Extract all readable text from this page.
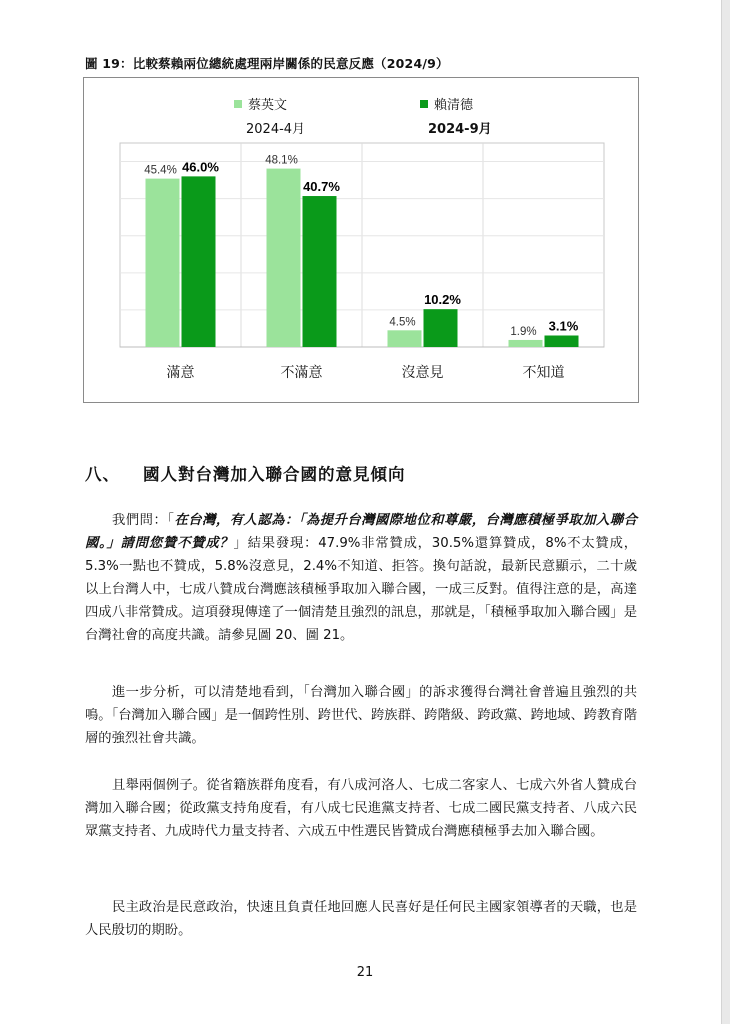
圖 19：比較蔡賴兩位總統處理兩岸關係的民意反應（2024/9）
蔡英文	賴清德
2024-4月	2024-9月
45.4% 46.0%
滿意
48.1%
40.7%
不滿意
4.5%
10.2%
沒意見
1.9% 3.1%
不知道
八、 國人對台灣加入聯合國的意見傾向

我們問：「在台灣，有人認為：「為提升台灣國際地位和尊嚴，台灣應積極爭取加入聯合國。」請問您贊不贊成？」結果發現：47.9%非常贊成，30.5%還算贊成，8%不太贊成，5.3%一點也不贊成，5.8%沒意見，2.4%不知道、拒答。換句話說，最新民意顯示，二十歲以上台灣人中，七成八贊成台灣應該積極爭取加入聯合國，一成三反對。值得注意的是，高達四成八非常贊成。這項發現傳達了一個清楚且強烈的訊息，那就是，「積極爭取加入聯合國」是台灣社會的高度共識。請參見圖 20、圖 21。

進一步分析，可以清楚地看到，「台灣加入聯合國」的訴求獲得台灣社會普遍且強烈的共鳴。「台灣加入聯合國」是一個跨性別、跨世代、跨族群、跨階級、跨政黨、跨地域、跨教育階層的強烈社會共識。

且舉兩個例子。從省籍族群角度看，有八成河洛人、七成二客家人、七成六外省人贊成台灣加入聯合國；從政黨支持角度看，有八成七民進黨支持者、七成二國民黨支持者、八成六民眾黨支持者、九成時代力量支持者、六成五中性選民皆贊成台灣應積極爭去加入聯合國。

民主政治是民意政治，快速且負責任地回應人民喜好是任何民主國家領導者的天職，也是人民殷切的期盼。

21
